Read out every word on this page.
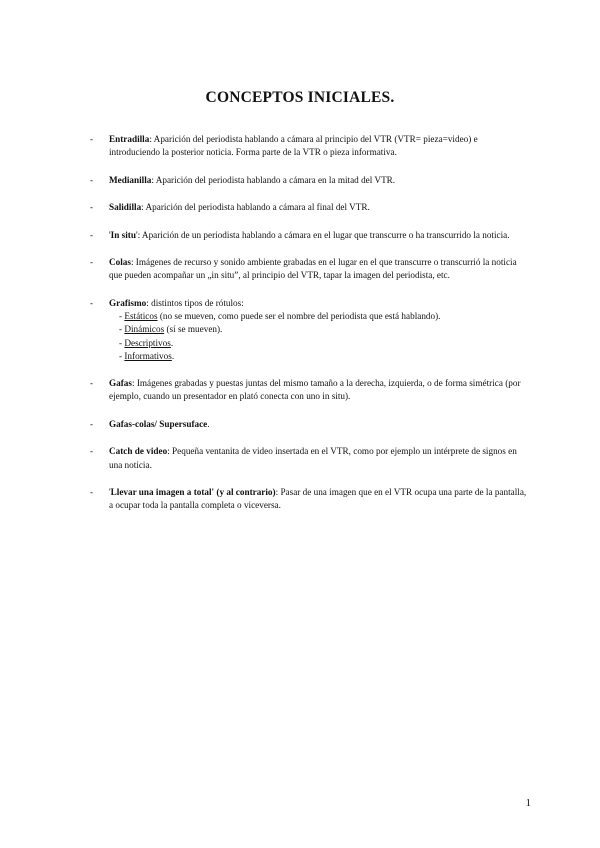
CONCEPTOS INICIALES.
- Entradilla: Aparición del periodista hablando a cámara al principio del VTR (VTR= pieza=video) e introduciendo la posterior noticia. Forma parte de la VTR o pieza informativa.
- Medianilla: Aparición del periodista hablando a cámara en la mitad del VTR.
- Salidilla: Aparición del periodista hablando a cámara al final del VTR.
- 'In situ': Aparición de un periodista hablando a cámara en el lugar que transcurre o ha transcurrido la noticia.
- Colas: Imágenes de recurso y sonido ambiente grabadas en el lugar en el que transcurre o transcurrió la noticia que pueden acompañar un „in situ”, al principio del VTR, tapar la imagen del periodista, etc.
- Grafismo: distintos tipos de rótulos:
- Estáticos (no se mueven, como puede ser el nombre del periodista que está hablando).
- Dinámicos (sí se mueven).
- Descriptivos.
- Informativos.
- Gafas: Imágenes grabadas y puestas juntas del mismo tamaño a la derecha, izquierda, o de forma simétrica (por ejemplo, cuando un presentador en plató conecta con uno in situ).
- Gafas-colas/ Supersuface.
- Catch de video: Pequeña ventanita de video insertada en el VTR, como por ejemplo un intérprete de signos en una noticia.
- 'Llevar una imagen a total' (y al contrario): Pasar de una imagen que en el VTR ocupa una parte de la pantalla, a ocupar toda la pantalla completa o viceversa.
1
